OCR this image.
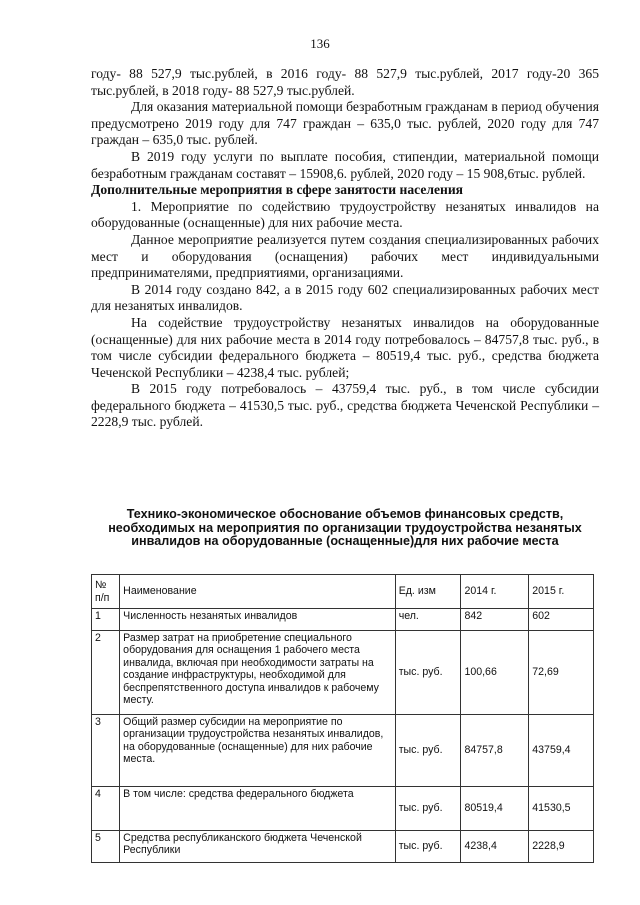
136

году- 88 527,9 тыс.рублей, в 2016 году- 88 527,9 тыс.рублей, 2017 году-20 365 тыс.рублей, в 2018 году- 88 527,9 тыс.рублей.

Для оказания материальной помощи безработным гражданам в период обучения предусмотрено 2019 году для 747 граждан – 635,0 тыс. рублей, 2020 году для 747 граждан – 635,0 тыс. рублей.

В 2019 году услуги по выплате пособия, стипендии, материальной помощи безработным гражданам составят – 15908,6. рублей, 2020 году – 15 908,6тыс. рублей.

Дополнительные мероприятия в сфере занятости населения

1. Мероприятие по содействию трудоустройству незанятых инвалидов на оборудованные (оснащенные) для них рабочие места.

Данное мероприятие реализуется путем создания специализированных рабочих мест и оборудования (оснащения) рабочих мест индивидуальными предпринимателями, предприятиями, организациями.

В 2014 году создано 842, а в 2015 году 602 специализированных рабочих мест для незанятых инвалидов.

На содействие трудоустройству незанятых инвалидов на оборудованные (оснащенные) для них рабочие места в 2014 году потребовалось – 84757,8 тыс. руб., в том числе субсидии федерального бюджета – 80519,4 тыс. руб., средства бюджета Чеченской Республики – 4238,4 тыс. рублей;

В 2015 году потребовалось – 43759,4 тыс. руб., в том числе субсидии федерального бюджета – 41530,5 тыс. руб., средства бюджета Чеченской Республики – 2228,9 тыс. рублей.

Технико-экономическое обоснование объемов финансовых средств, необходимых на мероприятия по организации трудоустройства незанятых инвалидов на оборудованные (оснащенные)для них рабочие места
№ п/п	Наименование	Ед. изм	2014 г.	2015 г.
1	Численность незанятых инвалидов	чел.	842	602
2	Размер затрат на приобретение специального оборудования для оснащения 1 рабочего места инвалида, включая при необходимости затраты на создание инфраструктуры, необходимой для беспрепятственного доступа инвалидов к рабочему месту.	тыс. руб.	100,66	72,69
3	Общий размер субсидии на мероприятие по организации трудоустройства незанятых инвалидов, на оборудованные (оснащенные) для них рабочие места.	тыс. руб.	84757,8	43759,4
4	В том числе: средства федерального бюджета	тыс. руб.	80519,4	41530,5
5	Средства республиканского бюджета Чеченской Республики	тыс. руб.	4238,4	2228,9
